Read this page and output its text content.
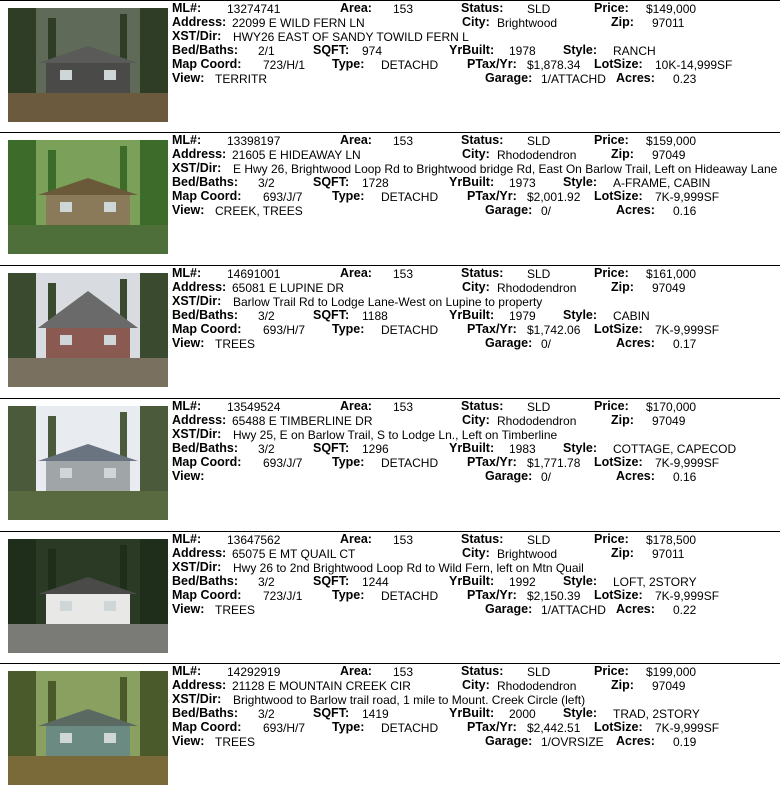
ML#: 13274741	Area: 153	Status: SLD	Price: $149,000
Address: 22099 E WILD FERN LN	City: Brightwood	Zip: 97011
XST/Dir: HWY26 EAST OF SANDY TOWILD FERN L
Bed/Baths: 2/1	SQFT: 974	YrBuilt: 1978 Style: RANCH
Map Coord: 723/H/1 Type: DETACHD PTax/Yr: $1,878.34 LotSize: 10K-14,999SF
View: TERRITR	Garage: 1/ATTACHD Acres: 0.23
ML#: 13398197	Area: 153	Status: SLD	Price: $159,000
Address: 21605 E HIDEAWAY LN	City: Rhododendron	Zip: 97049
XST/Dir: E Hwy 26, Brightwood Loop Rd to Brightwood bridge Rd, East On Barlow Trail, Left on Hideaway Lane
Bed/Baths: 3/2	SQFT: 1728	YrBuilt: 1973 Style: A-FRAME, CABIN
Map Coord: 693/J/7 Type: DETACHD PTax/Yr: $2,001.92 LotSize: 7K-9,999SF
View: CREEK, TREES	Garage: 0/	Acres: 0.16
ML#: 14691001	Area: 153	Status: SLD	Price: $161,000
Address: 65081 E LUPINE DR	City: Rhododendron	Zip: 97049
XST/Dir: Barlow Trail Rd to Lodge Lane-West on Lupine to property
Bed/Baths: 3/2	SQFT: 1188	YrBuilt: 1979 Style: CABIN
Map Coord: 693/H/7 Type: DETACHD PTax/Yr: $1,742.06 LotSize: 7K-9,999SF
View: TREES	Garage: 0/	Acres: 0.17
ML#: 13549524	Area: 153	Status: SLD	Price: $170,000
Address: 65488 E TIMBERLINE DR	City: Rhododendron	Zip: 97049
XST/Dir: Hwy 25, E on Barlow Trail, S to Lodge Ln., Left on Timberline
Bed/Baths: 3/2	SQFT: 1296	YrBuilt: 1983 Style: COTTAGE, CAPECOD
Map Coord: 693/J/7 Type: DETACHD PTax/Yr: $1,771.78 LotSize: 7K-9,999SF
View:	Garage: 0/	Acres: 0.16
ML#: 13647562	Area: 153	Status: SLD	Price: $178,500
Address: 65075 E MT QUAIL CT	City: Brightwood	Zip: 97011
XST/Dir: Hwy 26 to 2nd Brightwood Loop Rd to Wild Fern, left on Mtn Quail
Bed/Baths: 3/2	SQFT: 1244	YrBuilt: 1992 Style: LOFT, 2STORY
Map Coord: 723/J/1 Type: DETACHD PTax/Yr: $2,150.39 LotSize: 7K-9,999SF
View: TREES	Garage: 1/ATTACHD Acres: 0.22
ML#: 14292919	Area: 153	Status: SLD	Price: $199,000
Address: 21128 E MOUNTAIN CREEK CIR	City: Rhododendron	Zip: 97049
XST/Dir: Brightwood to Barlow trail road, 1 mile to Mount. Creek Circle (left)
Bed/Baths: 3/2	SQFT: 1419	YrBuilt: 2000 Style: TRAD, 2STORY
Map Coord: 693/H/7 Type: DETACHD PTax/Yr: $2,442.51 LotSize: 7K-9,999SF
View: TREES	Garage: 1/OVRSIZE Acres: 0.19
